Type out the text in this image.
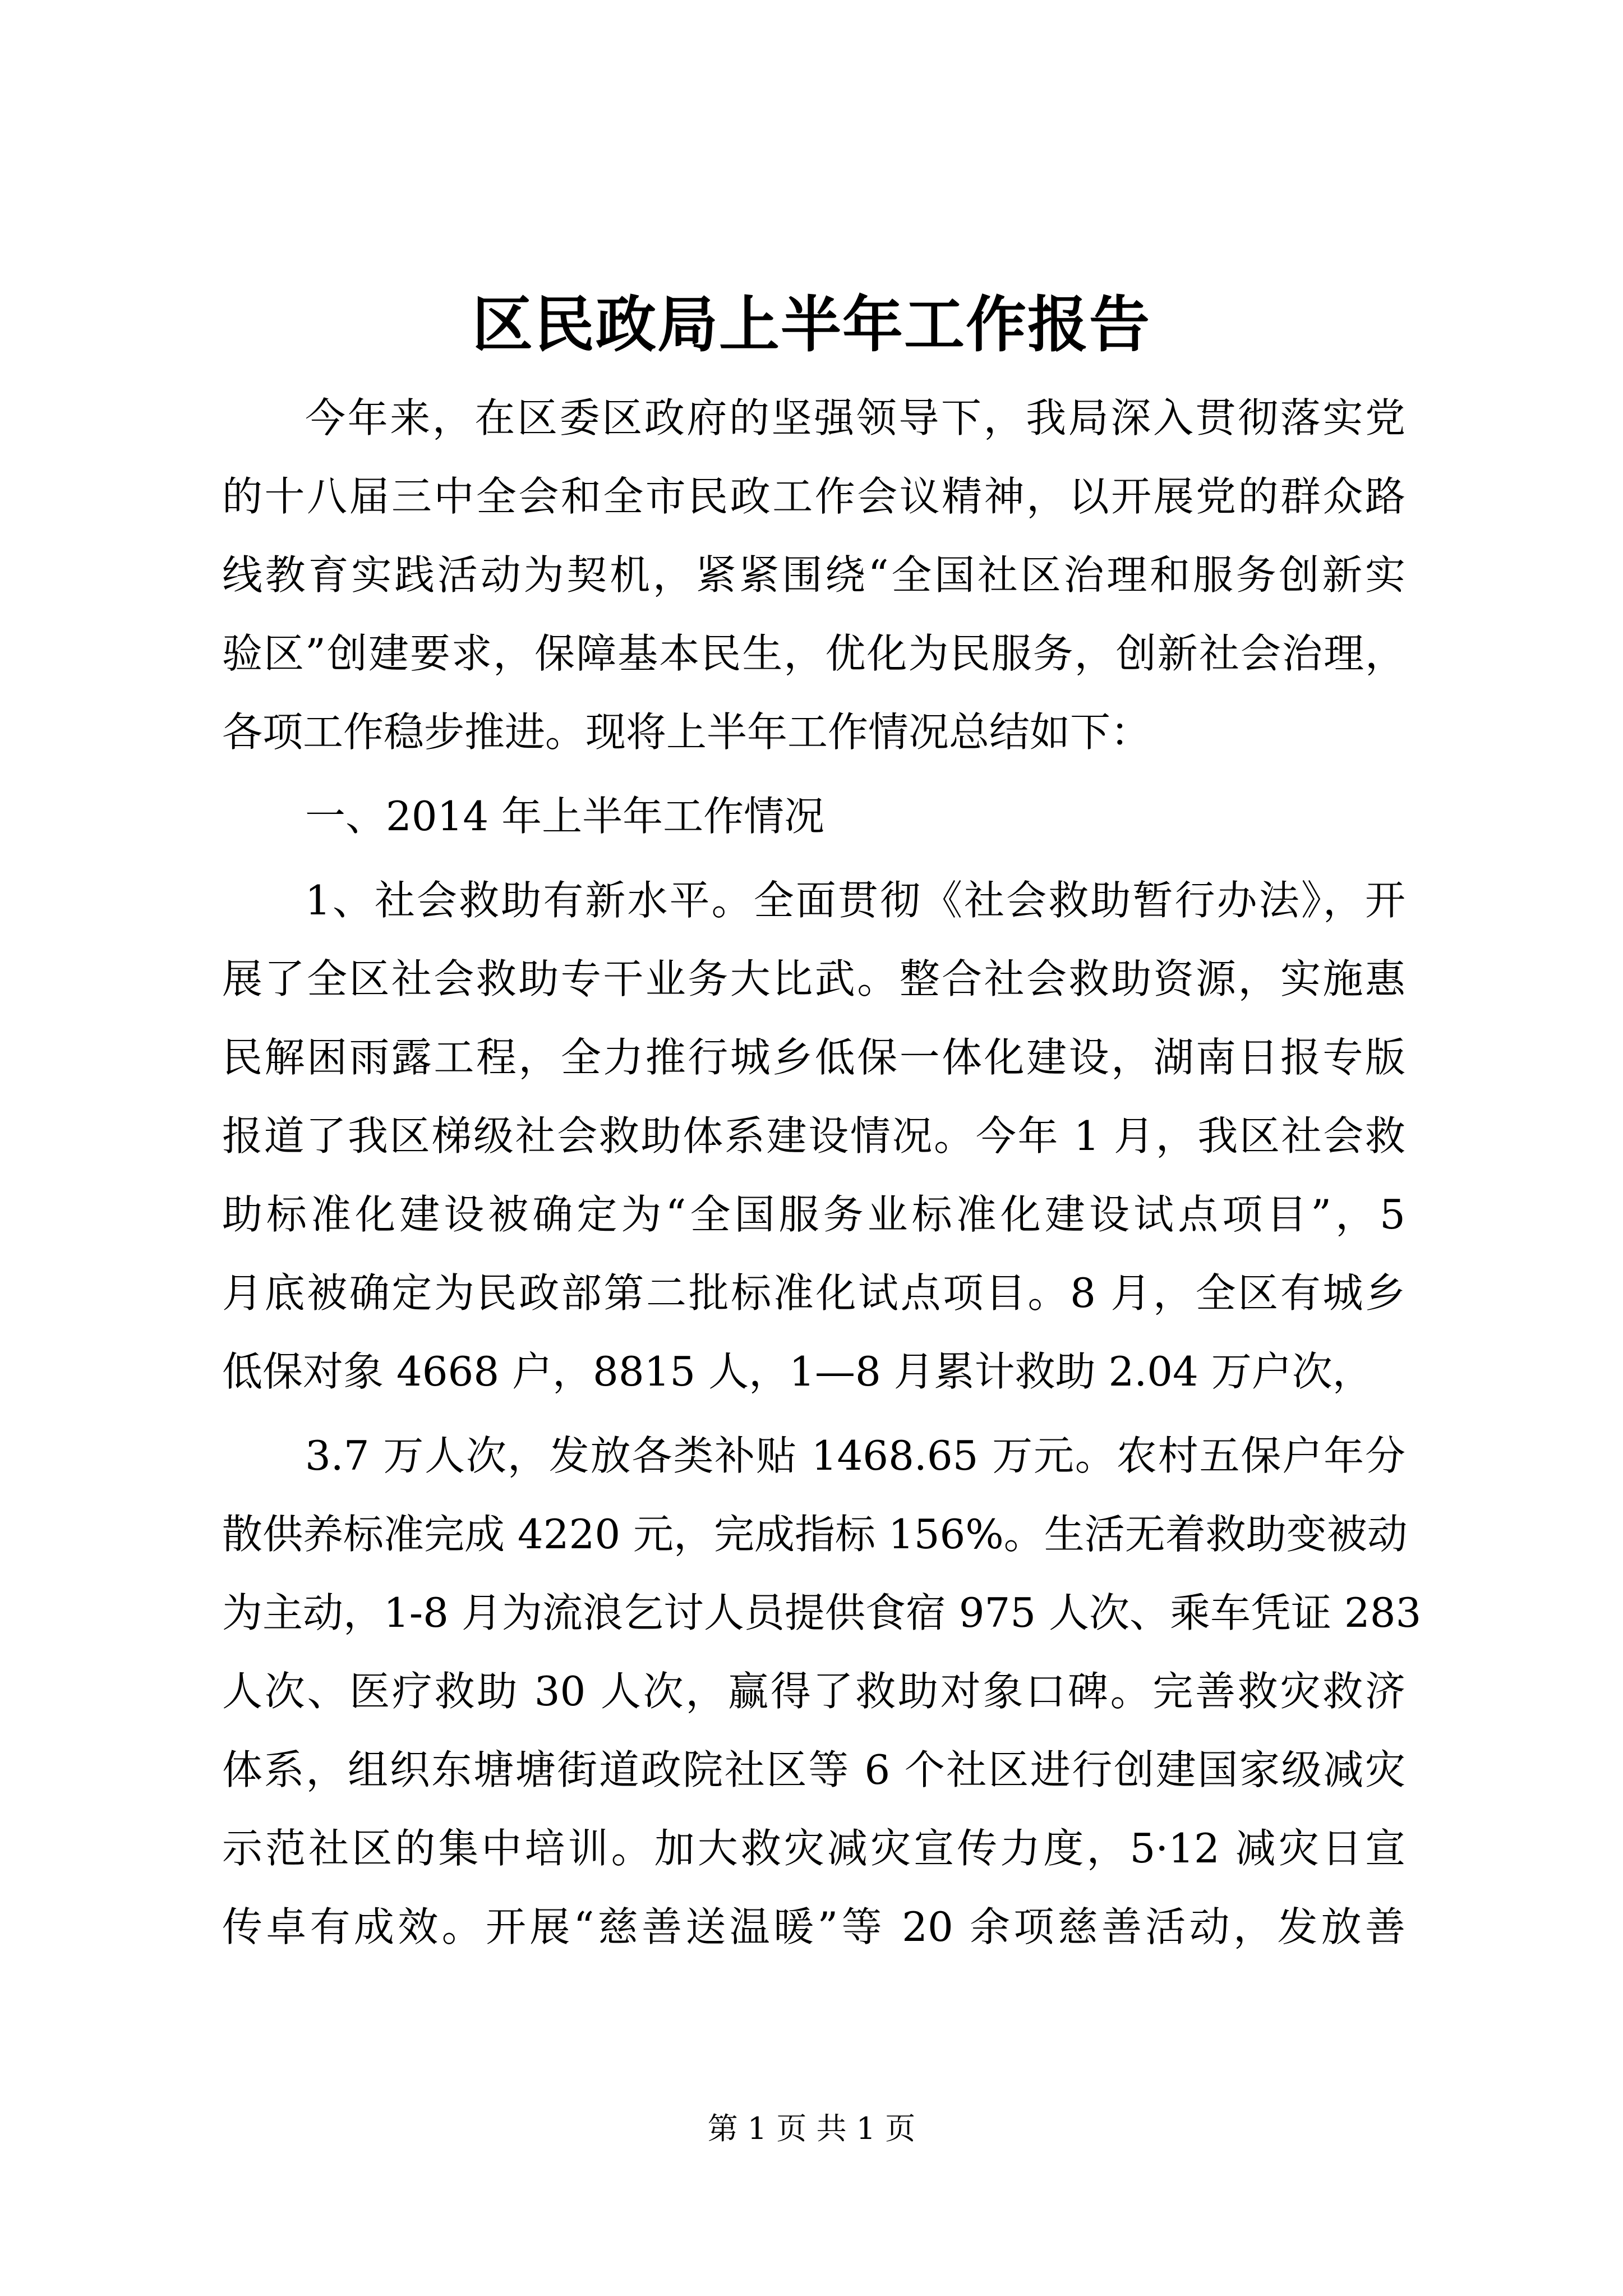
区民政局上半年工作报告
今年来，在区委区政府的坚强领导下，我局深入贯彻落实党
的十八届三中全会和全市民政工作会议精神，以开展党的群众路
线教育实践活动为契机，紧紧围绕“全国社区治理和服务创新实
验区”创建要求，保障基本民生，优化为民服务，创新社会治理，
各项工作稳步推进。现将上半年工作情况总结如下：
一、2014 年上半年工作情况
1、社会救助有新水平。全面贯彻《社会救助暂行办法》，开
展了全区社会救助专干业务大比武。整合社会救助资源，实施惠
民解困雨露工程，全力推行城乡低保一体化建设，湖南日报专版
报道了我区梯级社会救助体系建设情况。今年 1 月，我区社会救
助标准化建设被确定为“全国服务业标准化建设试点项目”，5
月底被确定为民政部第二批标准化试点项目。8 月，全区有城乡
低保对象 4668 户，8815 人，1—8 月累计救助 2.04 万户次，
3.7 万人次，发放各类补贴 1468.65 万元。农村五保户年分
散供养标准完成 4220 元，完成指标 156%。生活无着救助变被动
为主动，1-8 月为流浪乞讨人员提供食宿 975 人次、乘车凭证 283
人次、医疗救助 30 人次，赢得了救助对象口碑。完善救灾救济
体系，组织东塘塘街道政院社区等 6 个社区进行创建国家级减灾
示范社区的集中培训。加大救灾减灾宣传力度，5·12 减灾日宣
传卓有成效。开展“慈善送温暖”等 20 余项慈善活动，发放善
第 1 页 共 1 页
